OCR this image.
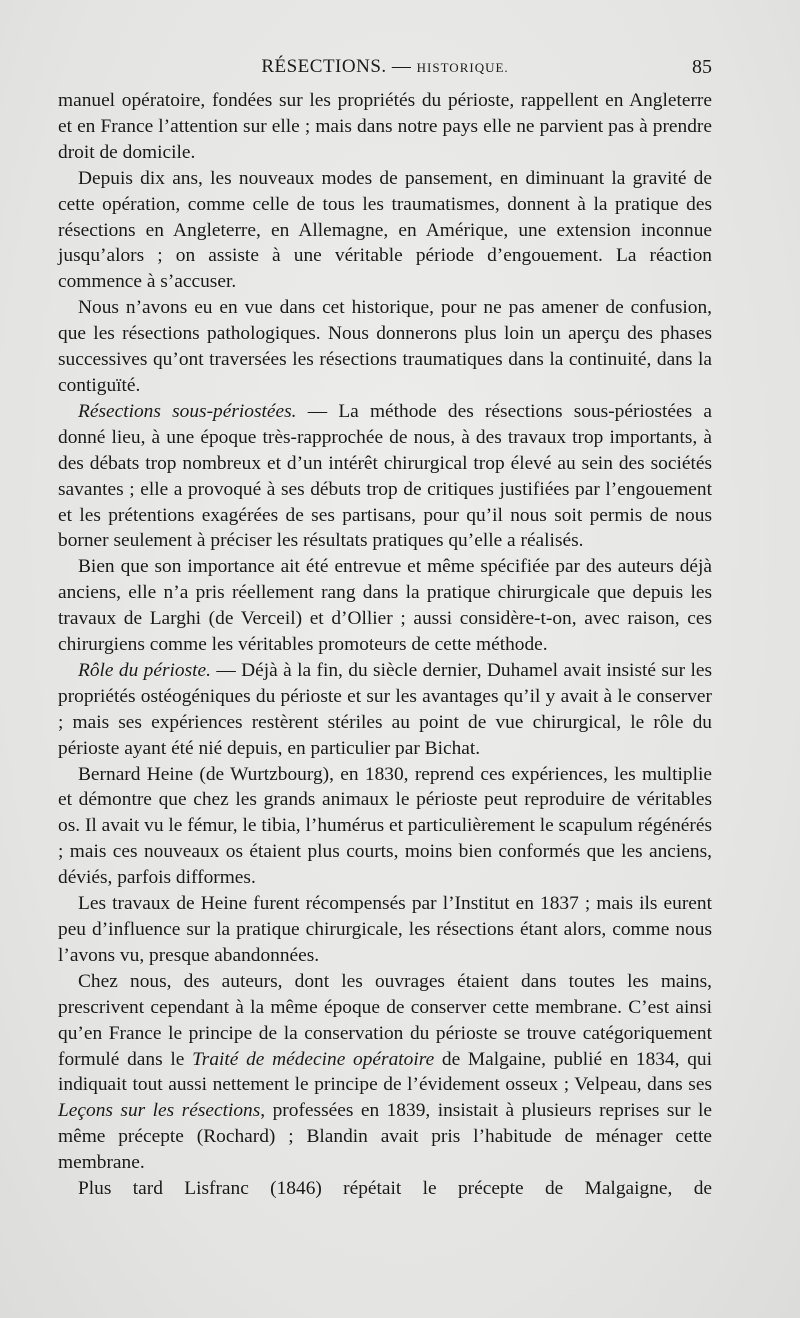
RÉSECTIONS. — HISTORIQUE.	85

manuel opératoire, fondées sur les propriétés du périoste, rappellent en Angleterre et en France l’attention sur elle ; mais dans notre pays elle ne parvient pas à prendre droit de domicile.

Depuis dix ans, les nouveaux modes de pansement, en diminuant la gravité de cette opération, comme celle de tous les traumatismes, donnent à la pratique des résections en Angleterre, en Allemagne, en Amérique, une extension inconnue jusqu’alors ; on assiste à une véritable période d’engouement. La réaction commence à s’accuser.

Nous n’avons eu en vue dans cet historique, pour ne pas amener de confusion, que les résections pathologiques. Nous donnerons plus loin un aperçu des phases successives qu’ont traversées les résections traumatiques dans la continuité, dans la contiguïté.

Résections sous-périostées. — La méthode des résections sous-périostées a donné lieu, à une époque très-rapprochée de nous, à des travaux trop importants, à des débats trop nombreux et d’un intérêt chirurgical trop élevé au sein des sociétés savantes ; elle a provoqué à ses débuts trop de critiques justifiées par l’engouement et les prétentions exagérées de ses partisans, pour qu’il nous soit permis de nous borner seulement à préciser les résultats pratiques qu’elle a réalisés.

Bien que son importance ait été entrevue et même spécifiée par des auteurs déjà anciens, elle n’a pris réellement rang dans la pratique chirurgicale que depuis les travaux de Larghi (de Verceil) et d’Ollier ; aussi considère-t-on, avec raison, ces chirurgiens comme les véritables promoteurs de cette méthode.

Rôle du périoste. — Déjà à la fin, du siècle dernier, Duhamel avait insisté sur les propriétés ostéogéniques du périoste et sur les avantages qu’il y avait à le conserver ; mais ses expériences restèrent stériles au point de vue chirurgical, le rôle du périoste ayant été nié depuis, en particulier par Bichat.

Bernard Heine (de Wurtzbourg), en 1830, reprend ces expériences, les multiplie et démontre que chez les grands animaux le périoste peut reproduire de véritables os. Il avait vu le fémur, le tibia, l’humérus et particulièrement le scapulum régénérés ; mais ces nouveaux os étaient plus courts, moins bien conformés que les anciens, déviés, parfois difformes.

Les travaux de Heine furent récompensés par l’Institut en 1837 ; mais ils eurent peu d’influence sur la pratique chirurgicale, les résections étant alors, comme nous l’avons vu, presque abandonnées.

Chez nous, des auteurs, dont les ouvrages étaient dans toutes les mains, prescrivent cependant à la même époque de conserver cette membrane. C’est ainsi qu’en France le principe de la conservation du périoste se trouve catégoriquement formulé dans le Traité de médecine opératoire de Malgaine, publié en 1834, qui indiquait tout aussi nettement le principe de l’évidement osseux ; Velpeau, dans ses Leçons sur les résections, professées en 1839, insistait à plusieurs reprises sur le même précepte (Rochard) ; Blandin avait pris l’habitude de ménager cette membrane.

Plus tard Lisfranc (1846) répétait le précepte de Malgaigne, de
